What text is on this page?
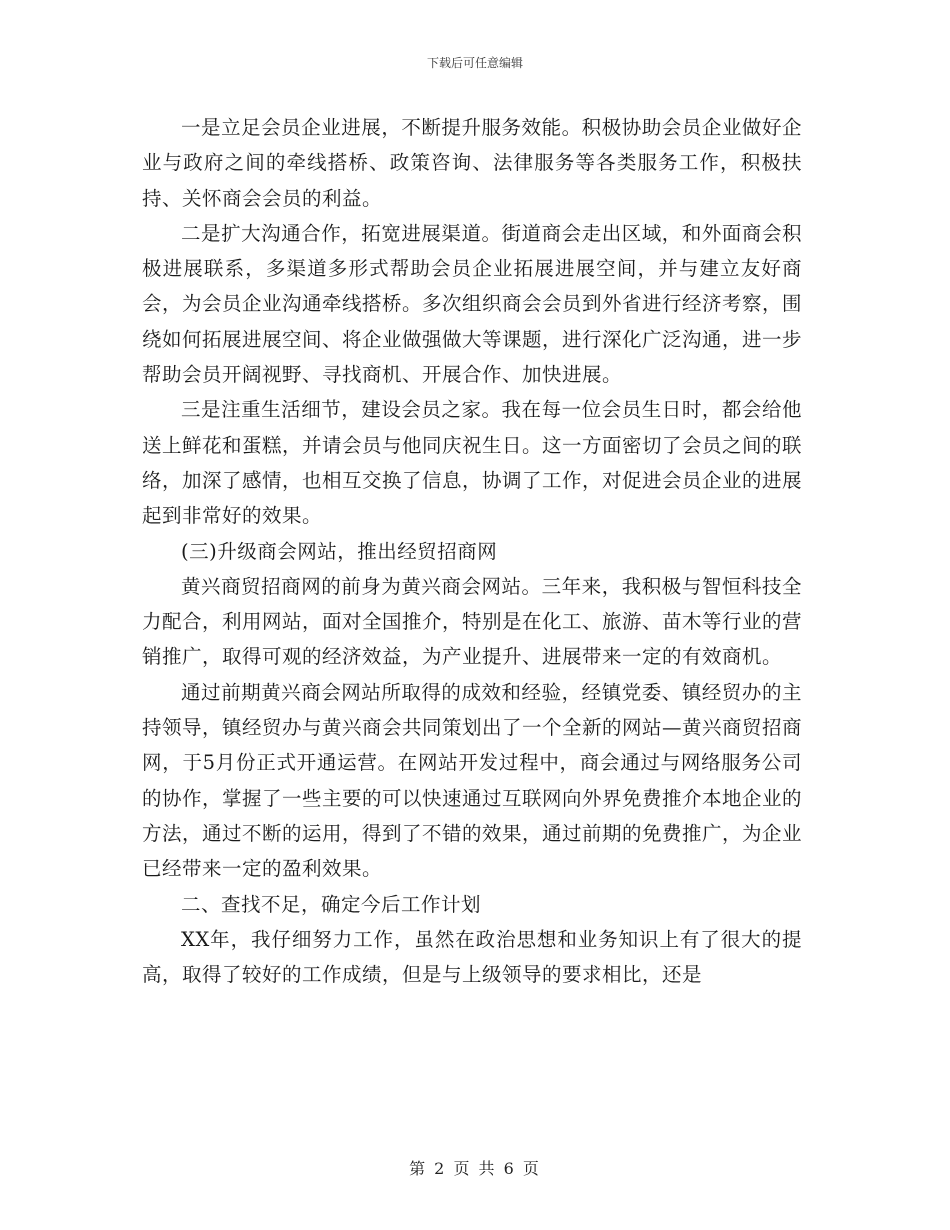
下载后可任意编辑

一是立足会员企业进展，不断提升服务效能。积极协助会员企业做好企业与政府之间的牵线搭桥、政策咨询、法律服务等各类服务工作，积极扶持、关怀商会会员的利益。

二是扩大沟通合作，拓宽进展渠道。街道商会走出区域，和外面商会积极进展联系，多渠道多形式帮助会员企业拓展进展空间，并与建立友好商会，为会员企业沟通牵线搭桥。多次组织商会会员到外省进行经济考察，围绕如何拓展进展空间、将企业做强做大等课题，进行深化广泛沟通，进一步帮助会员开阔视野、寻找商机、开展合作、加快进展。

三是注重生活细节，建设会员之家。我在每一位会员生日时，都会给他送上鲜花和蛋糕，并请会员与他同庆祝生日。这一方面密切了会员之间的联络，加深了感情，也相互交换了信息，协调了工作，对促进会员企业的进展起到非常好的效果。

(三)升级商会网站，推出经贸招商网

黄兴商贸招商网的前身为黄兴商会网站。三年来，我积极与智恒科技全力配合，利用网站，面对全国推介，特别是在化工、旅游、苗木等行业的营销推广，取得可观的经济效益，为产业提升、进展带来一定的有效商机。

通过前期黄兴商会网站所取得的成效和经验，经镇党委、镇经贸办的主持领导，镇经贸办与黄兴商会共同策划出了一个全新的网站—黄兴商贸招商网，于5月份正式开通运营。在网站开发过程中，商会通过与网络服务公司的协作，掌握了一些主要的可以快速通过互联网向外界免费推介本地企业的方法，通过不断的运用，得到了不错的效果，通过前期的免费推广，为企业已经带来一定的盈利效果。

二、查找不足，确定今后工作计划

XX年，我仔细努力工作，虽然在政治思想和业务知识上有了很大的提高，取得了较好的工作成绩，但是与上级领导的要求相比，还是

第 2 页 共 6 页
